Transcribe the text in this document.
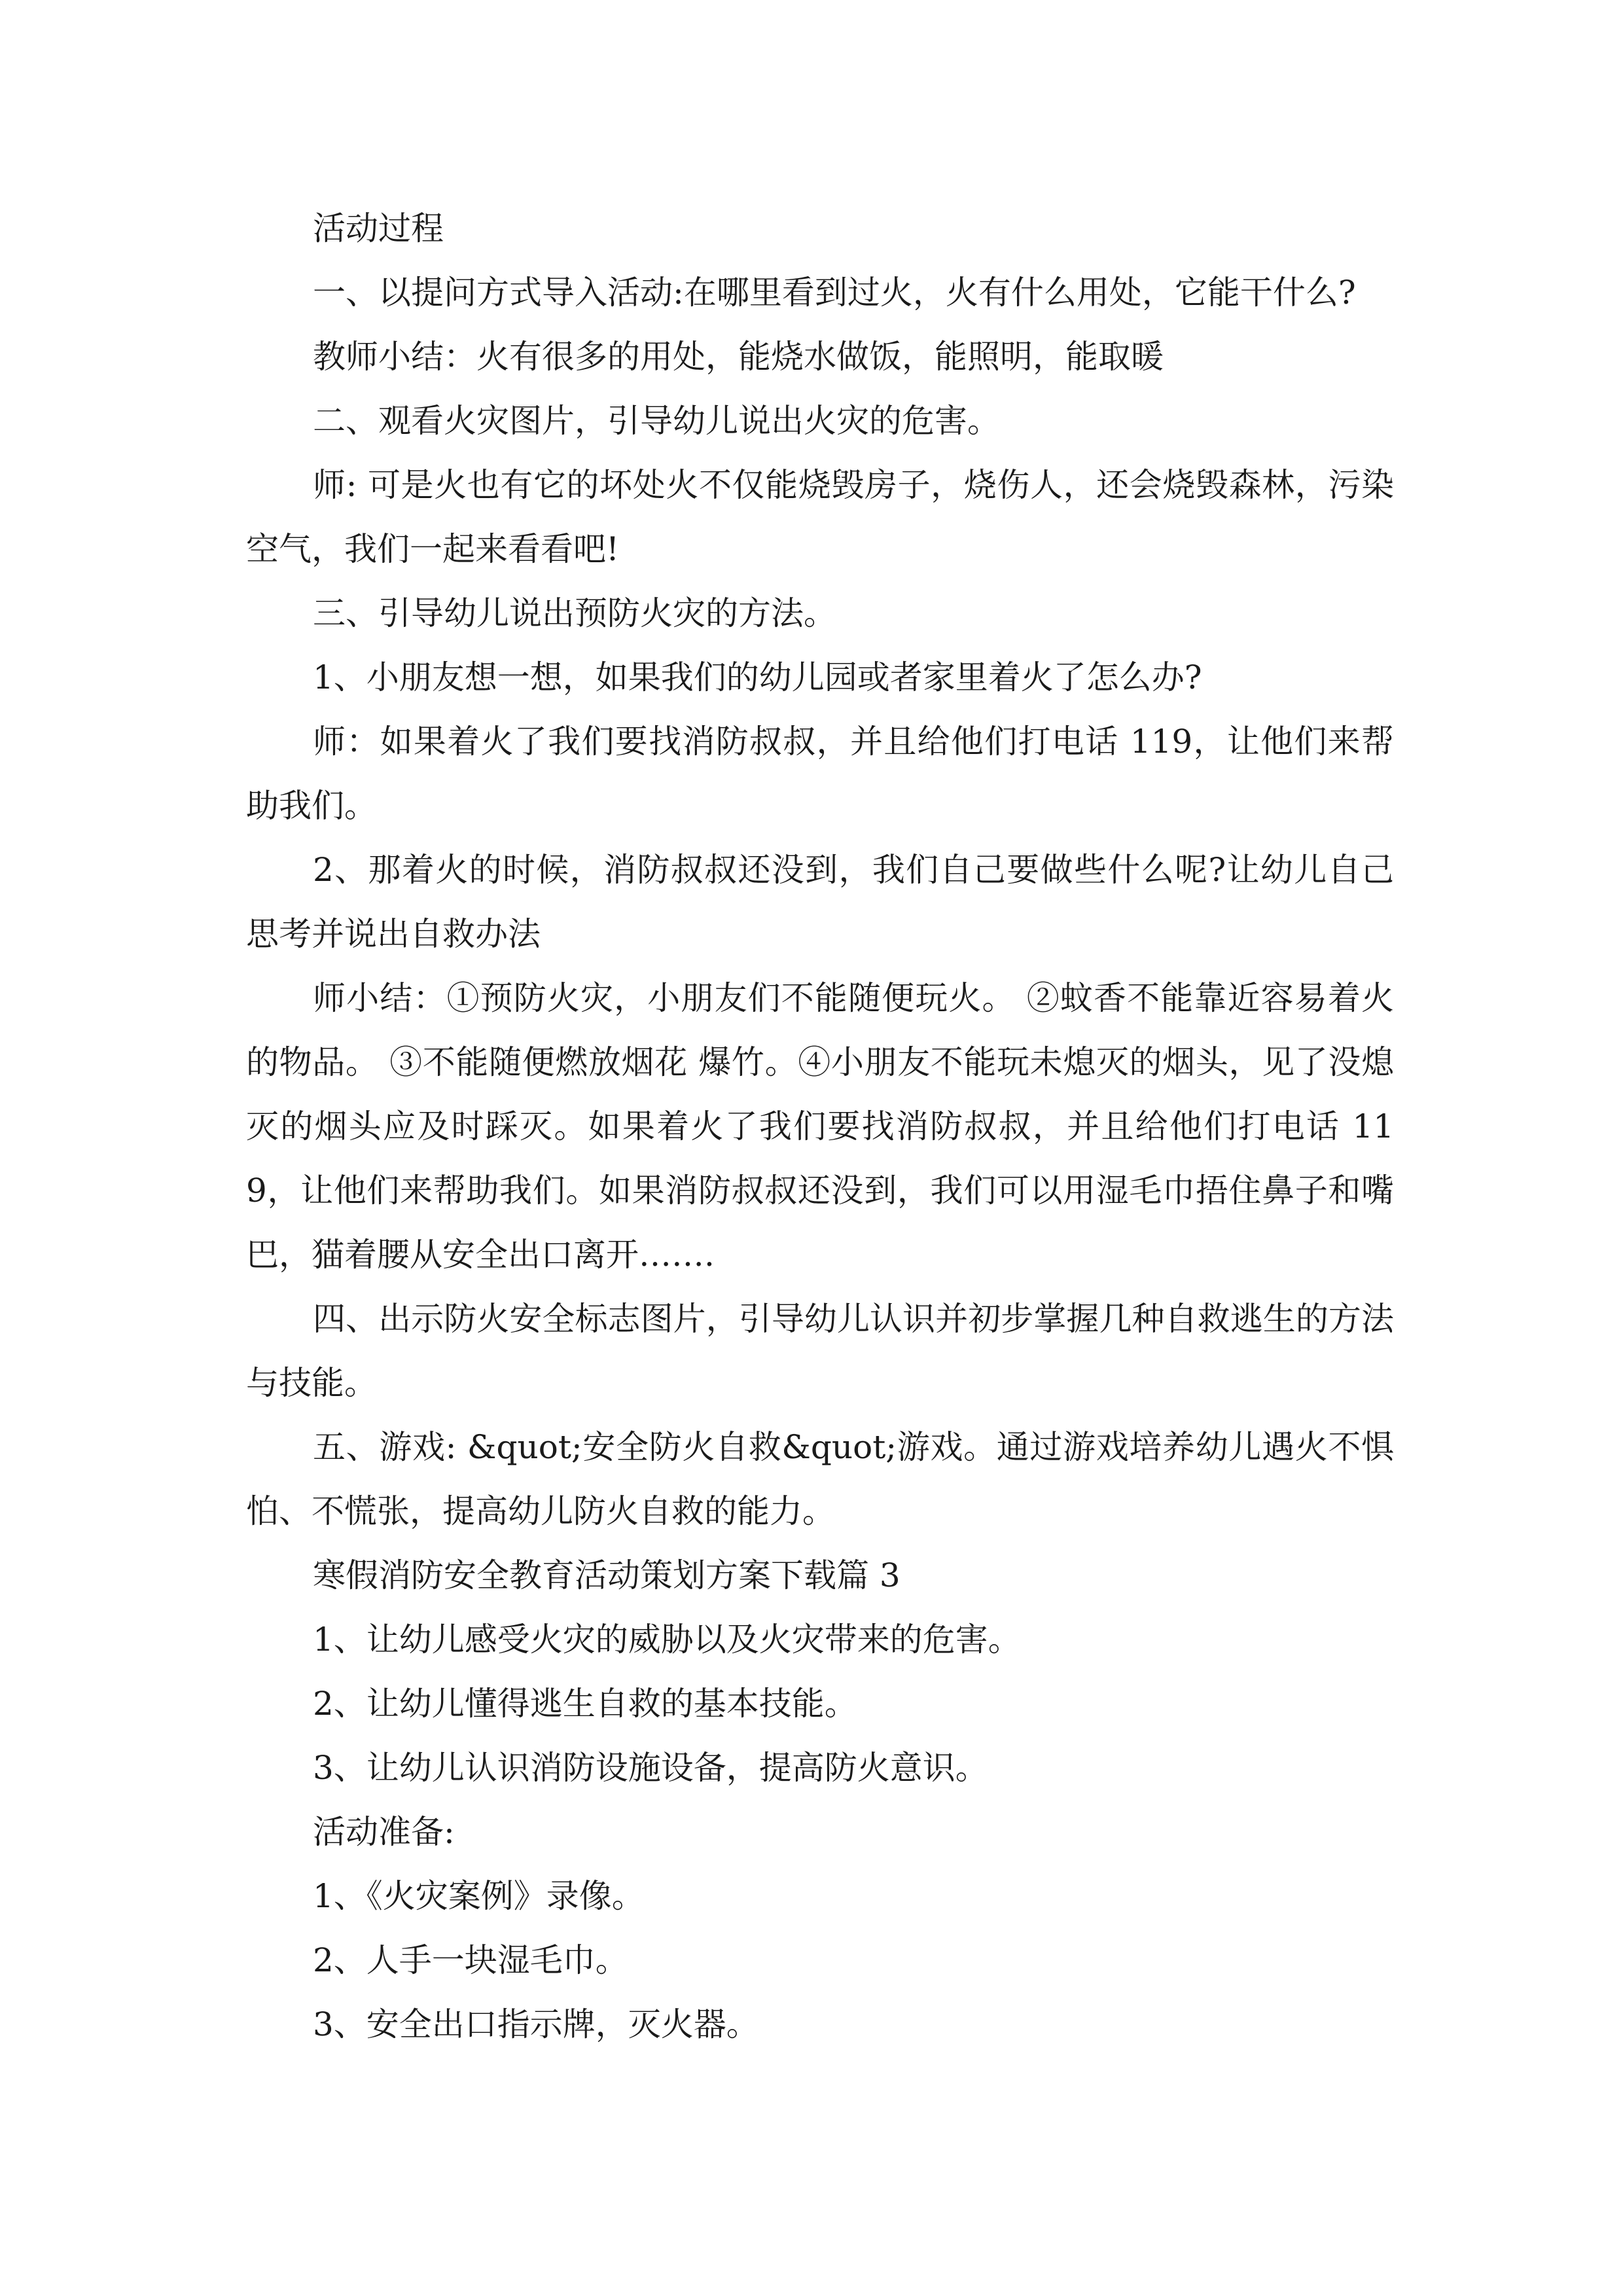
活动过程

一、以提问方式导入活动:在哪里看到过火，火有什么用处，它能干什么?

教师小结：火有很多的用处，能烧水做饭，能照明，能取暖

二、观看火灾图片，引导幼儿说出火灾的危害。

师: 可是火也有它的坏处火不仅能烧毁房子，烧伤人，还会烧毁森林，污染空气，我们一起来看看吧!

三、引导幼儿说出预防火灾的方法。

1、小朋友想一想，如果我们的幼儿园或者家里着火了怎么办?

师：如果着火了我们要找消防叔叔，并且给他们打电话 119，让他们来帮助我们。

2、那着火的时候，消防叔叔还没到，我们自己要做些什么呢?让幼儿自己思考并说出自救办法

师小结：①预防火灾，小朋友们不能随便玩火。 ②蚊香不能靠近容易着火的物品。 ③不能随便燃放烟花 爆竹。④小朋友不能玩未熄灭的烟头，见了没熄灭的烟头应及时踩灭。如果着火了我们要找消防叔叔，并且给他们打电话 119，让他们来帮助我们。如果消防叔叔还没到，我们可以用湿毛巾捂住鼻子和嘴巴，猫着腰从安全出口离开…….

四、出示防火安全标志图片，引导幼儿认识并初步掌握几种自救逃生的方法与技能。

五、游戏: &quot;安全防火自救&quot;游戏。通过游戏培养幼儿遇火不惧怕、不慌张，提高幼儿防火自救的能力。

寒假消防安全教育活动策划方案下载篇 3

1、让幼儿感受火灾的威胁以及火灾带来的危害。

2、让幼儿懂得逃生自救的基本技能。

3、让幼儿认识消防设施设备，提高防火意识。

活动准备:

1、《火灾案例》录像。

2、人手一块湿毛巾。

3、安全出口指示牌，灭火器。
